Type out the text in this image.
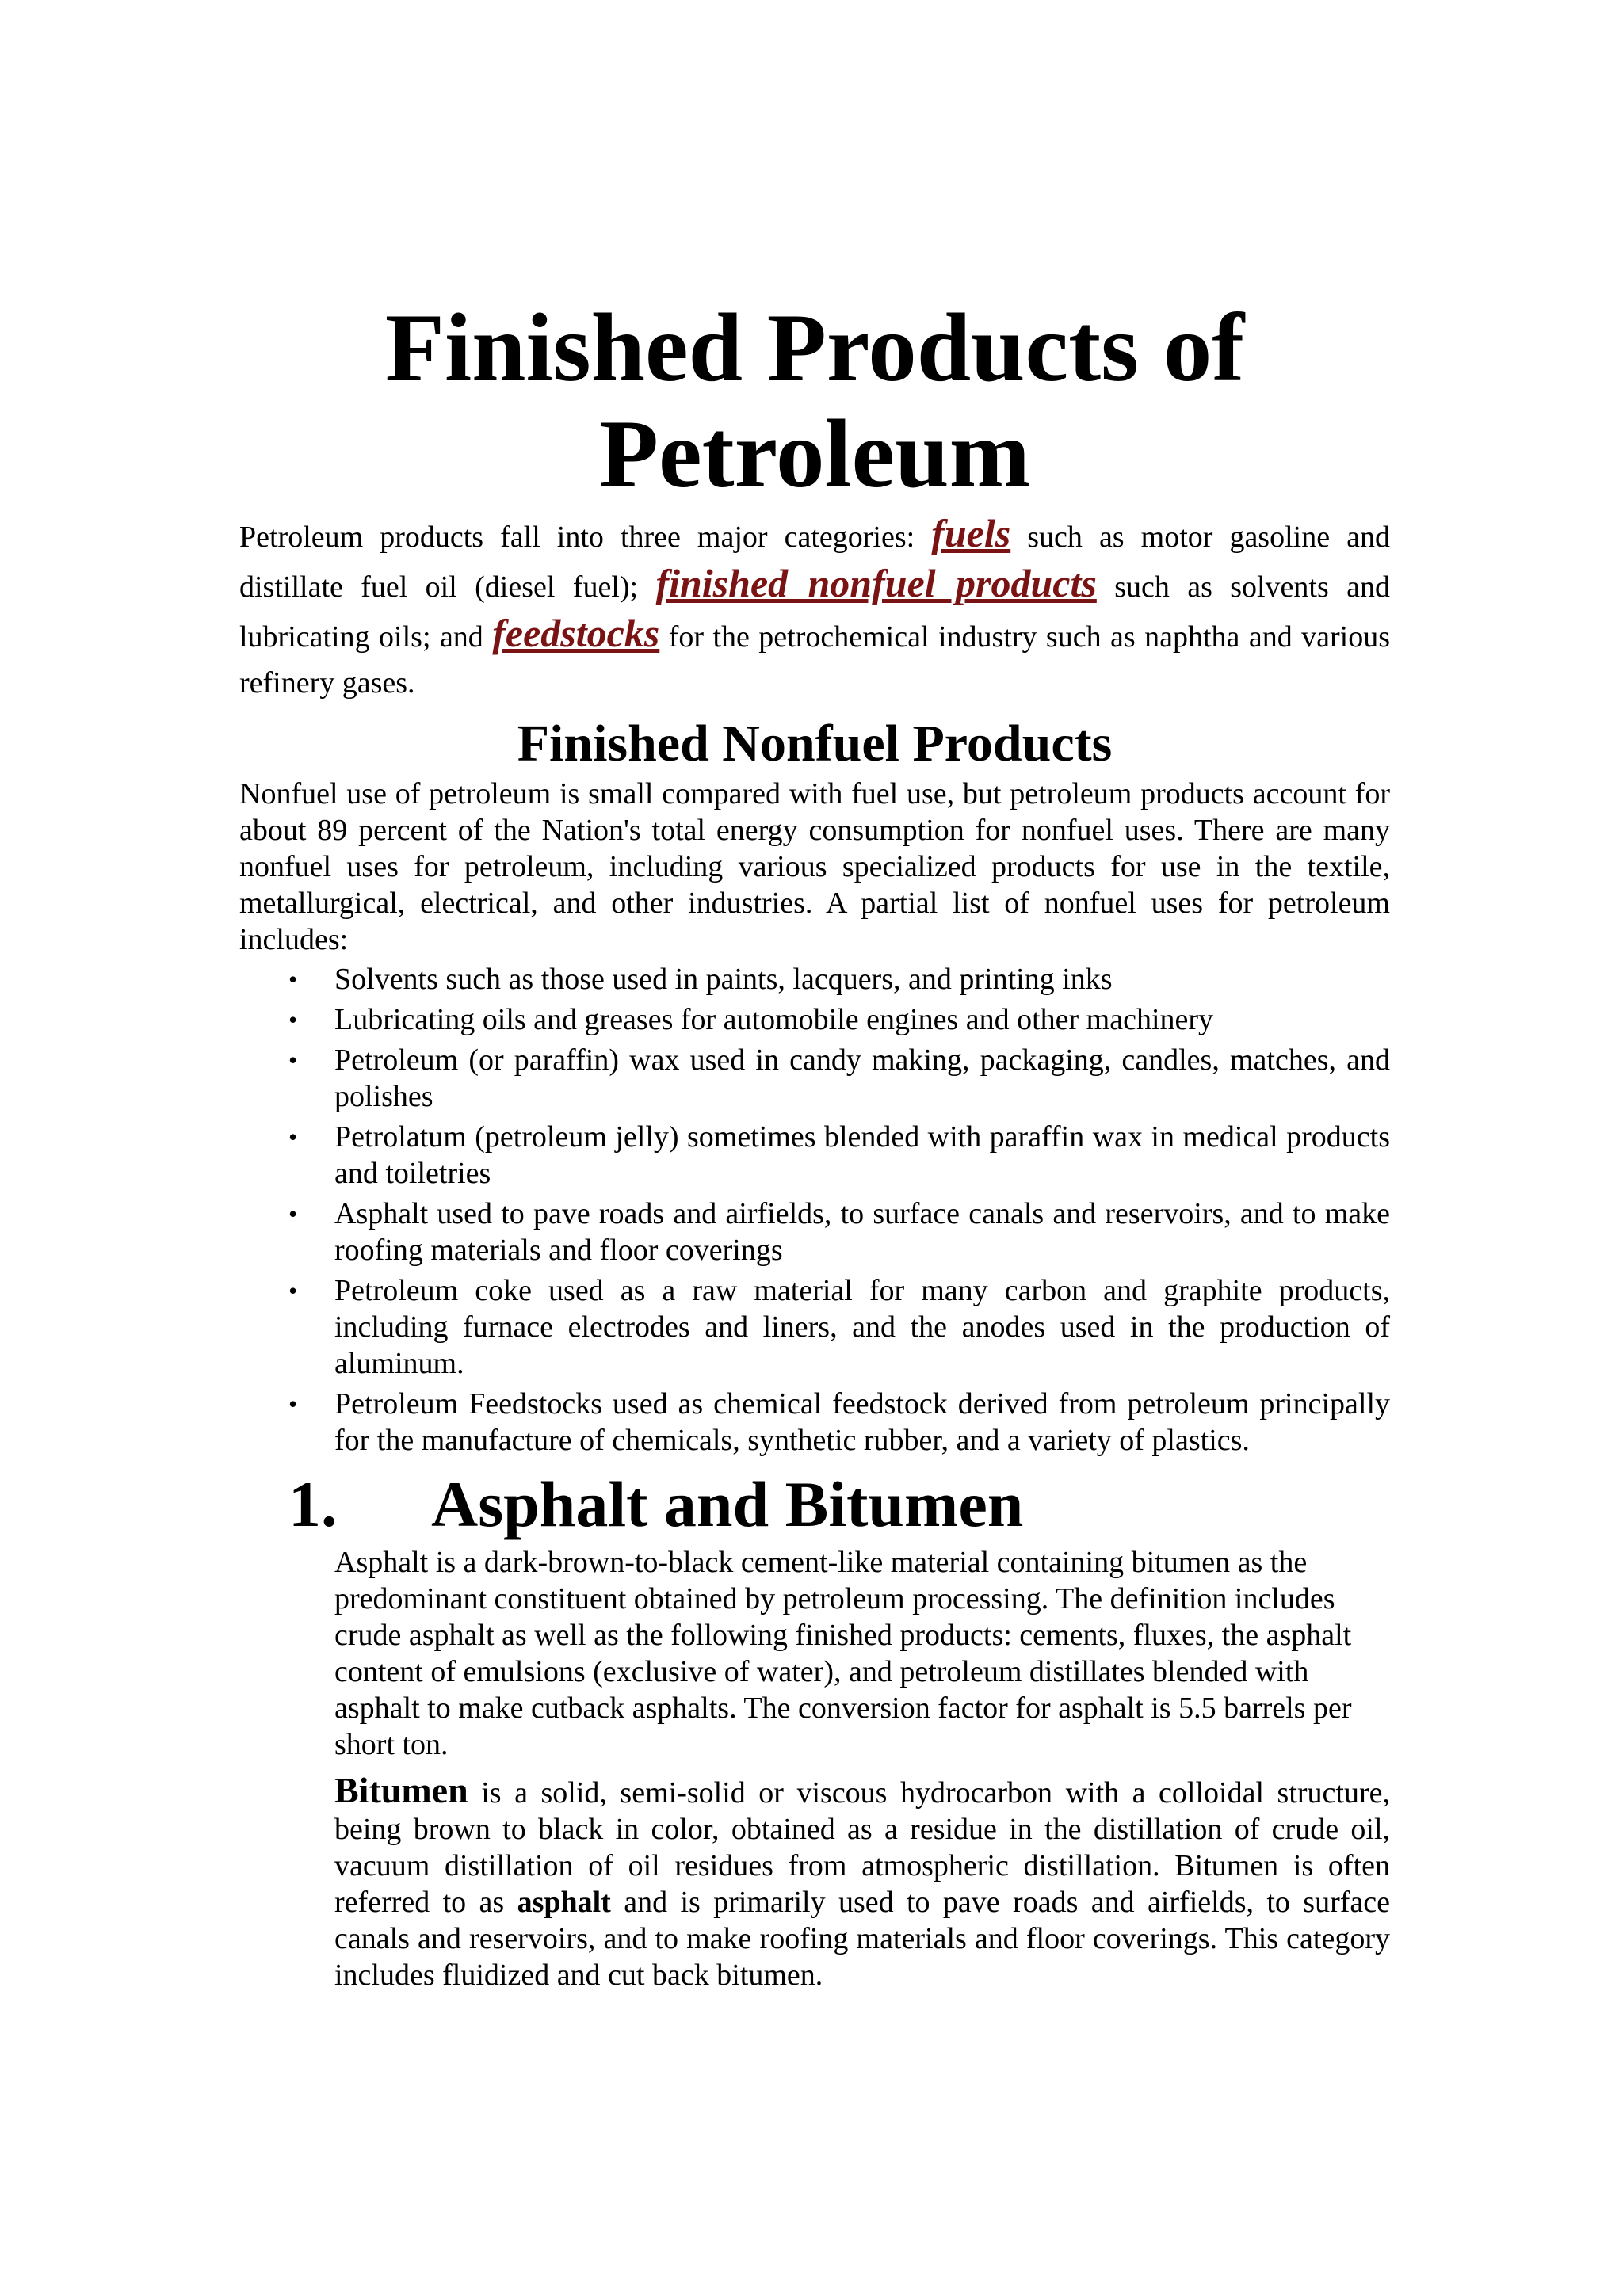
Finished Products of
Petroleum

Petroleum products fall into three major categories: fuels such as motor gasoline and distillate fuel oil (diesel fuel); finished nonfuel products such as solvents and lubricating oils; and feedstocks for the petrochemical industry such as naphtha and various refinery gases.

Finished Nonfuel Products

Nonfuel use of petroleum is small compared with fuel use, but petroleum products account for about 89 percent of the Nation's total energy consumption for nonfuel uses. There are many nonfuel uses for petroleum, including various specialized products for use in the textile, metallurgical, electrical, and other industries. A partial list of nonfuel uses for petroleum includes:

• Solvents such as those used in paints, lacquers, and printing inks
• Lubricating oils and greases for automobile engines and other machinery
• Petroleum (or paraffin) wax used in candy making, packaging, candles, matches, and polishes
• Petrolatum (petroleum jelly) sometimes blended with paraffin wax in medical products and toiletries
• Asphalt used to pave roads and airfields, to surface canals and reservoirs, and to make roofing materials and floor coverings
• Petroleum coke used as a raw material for many carbon and graphite products, including furnace electrodes and liners, and the anodes used in the production of aluminum.
• Petroleum Feedstocks used as chemical feedstock derived from petroleum principally for the manufacture of chemicals, synthetic rubber, and a variety of plastics.
1.	Asphalt and Bitumen

Asphalt is a dark-brown-to-black cement-like material containing bitumen as the predominant constituent obtained by petroleum processing. The definition includes crude asphalt as well as the following finished products: cements, fluxes, the asphalt content of emulsions (exclusive of water), and petroleum distillates blended with asphalt to make cutback asphalts. The conversion factor for asphalt is 5.5 barrels per short ton.

Bitumen is a solid, semi-solid or viscous hydrocarbon with a colloidal structure, being brown to black in color, obtained as a residue in the distillation of crude oil, vacuum distillation of oil residues from atmospheric distillation. Bitumen is often referred to as asphalt and is primarily used to pave roads and airfields, to surface canals and reservoirs, and to make roofing materials and floor coverings. This category includes fluidized and cut back bitumen.
